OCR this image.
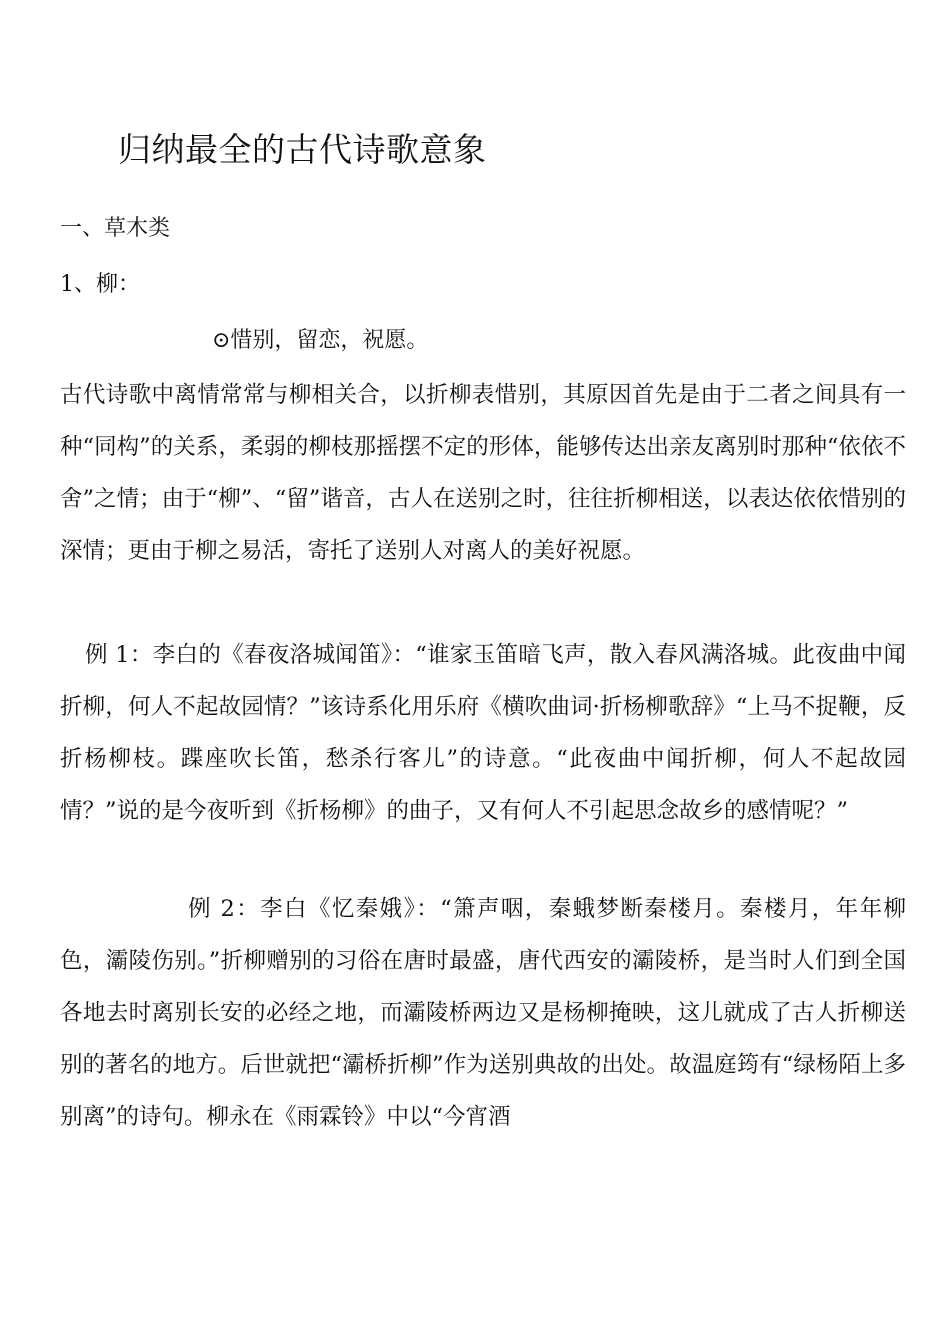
归纳最全的古代诗歌意象
一、草木类
1、柳：
⊙惜别，留恋，祝愿。

古代诗歌中离情常常与柳相关合，以折柳表惜别，其原因首先是由于二者之间具有一种“同构”的关系，柔弱的柳枝那摇摆不定的形体，能够传达出亲友离别时那种“依依不舍”之情；由于“柳”、“留”谐音，古人在送别之时，往往折柳相送，以表达依依惜别的深情；更由于柳之易活，寄托了送别人对离人的美好祝愿。

例 1：李白的《春夜洛城闻笛》：“谁家玉笛暗飞声，散入春风满洛城。此夜曲中闻折柳，何人不起故园情？”该诗系化用乐府《横吹曲词·折杨柳歌辞》“上马不捉鞭，反折杨柳枝。蹀座吹长笛，愁杀行客儿”的诗意。“此夜曲中闻折柳，何人不起故园情？”说的是今夜听到《折杨柳》的曲子，又有何人不引起思念故乡的感情呢？”

例 2：李白《忆秦娥》：“箫声咽，秦蛾梦断秦楼月。秦楼月，年年柳色，灞陵伤别。”折柳赠别的习俗在唐时最盛，唐代西安的灞陵桥，是当时人们到全国各地去时离别长安的必经之地，而灞陵桥两边又是杨柳掩映，这儿就成了古人折柳送别的著名的地方。后世就把“灞桥折柳”作为送别典故的出处。故温庭筠有“绿杨陌上多别离”的诗句。柳永在《雨霖铃》中以“今宵酒
